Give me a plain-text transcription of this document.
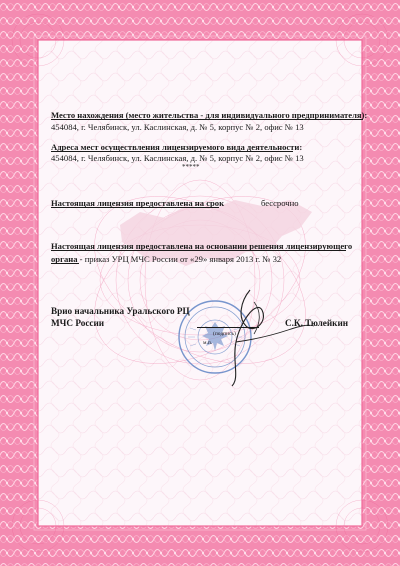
Место нахождения (место жительства - для индивидуального предпринимателя):
454084, г. Челябинск, ул. Каслинская, д. № 5, корпус № 2, офис № 13
Адреса мест осуществления лицензируемого вида деятельности:
454084, г. Челябинск, ул. Каслинская, д. № 5, корпус № 2, офис № 13
*****
Настоящая лицензия предоставлена на срок	бессрочно
Настоящая лицензия предоставлена на основании решения лицензирующего
органа - приказ УРЦ МЧС России от «29» января 2013 г. № 32
Врио начальника Уральского РЦ
МЧС России
(подпись)
м.п.
С.К. Тюлейкин
